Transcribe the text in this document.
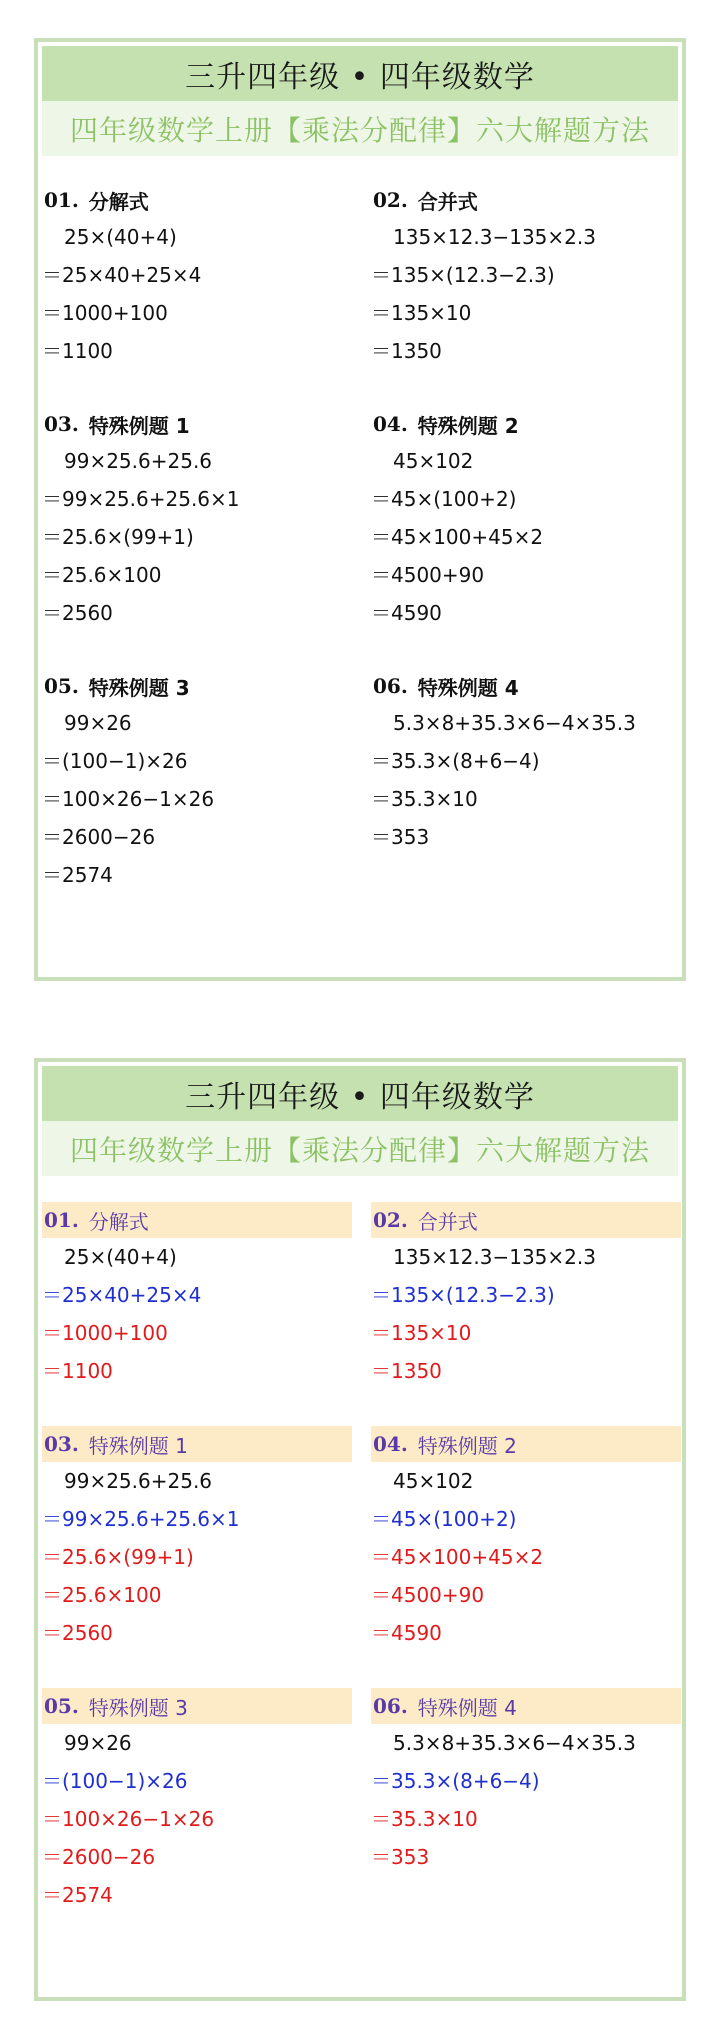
三升四年级 • 四年级数学
四年级数学上册【乘法分配律】六大解题方法
01. 分解式
25×(40+4)
＝25×40+25×4
＝1000+100
＝1100
02. 合并式
135×12.3−135×2.3
＝135×(12.3−2.3)
＝135×10
＝1350
03. 特殊例题 1
99×25.6+25.6
＝99×25.6+25.6×1
＝25.6×(99+1)
＝25.6×100
＝2560
04. 特殊例题 2
45×102
＝45×(100+2)
＝45×100+45×2
＝4500+90
＝4590
05. 特殊例题 3
99×26
＝(100−1)×26
＝100×26−1×26
＝2600−26
＝2574
06. 特殊例题 4
5.3×8+35.3×6−4×35.3
＝35.3×(8+6−4)
＝35.3×10
＝353
三升四年级 • 四年级数学
四年级数学上册【乘法分配律】六大解题方法
01. 分解式
25×(40+4)
＝25×40+25×4
＝1000+100
＝1100
02. 合并式
135×12.3−135×2.3
＝135×(12.3−2.3)
＝135×10
＝1350
03. 特殊例题 1
99×25.6+25.6
＝99×25.6+25.6×1
＝25.6×(99+1)
＝25.6×100
＝2560
04. 特殊例题 2
45×102
＝45×(100+2)
＝45×100+45×2
＝4500+90
＝4590
05. 特殊例题 3
99×26
＝(100−1)×26
＝100×26−1×26
＝2600−26
＝2574
06. 特殊例题 4
5.3×8+35.3×6−4×35.3
＝35.3×(8+6−4)
＝35.3×10
＝353
